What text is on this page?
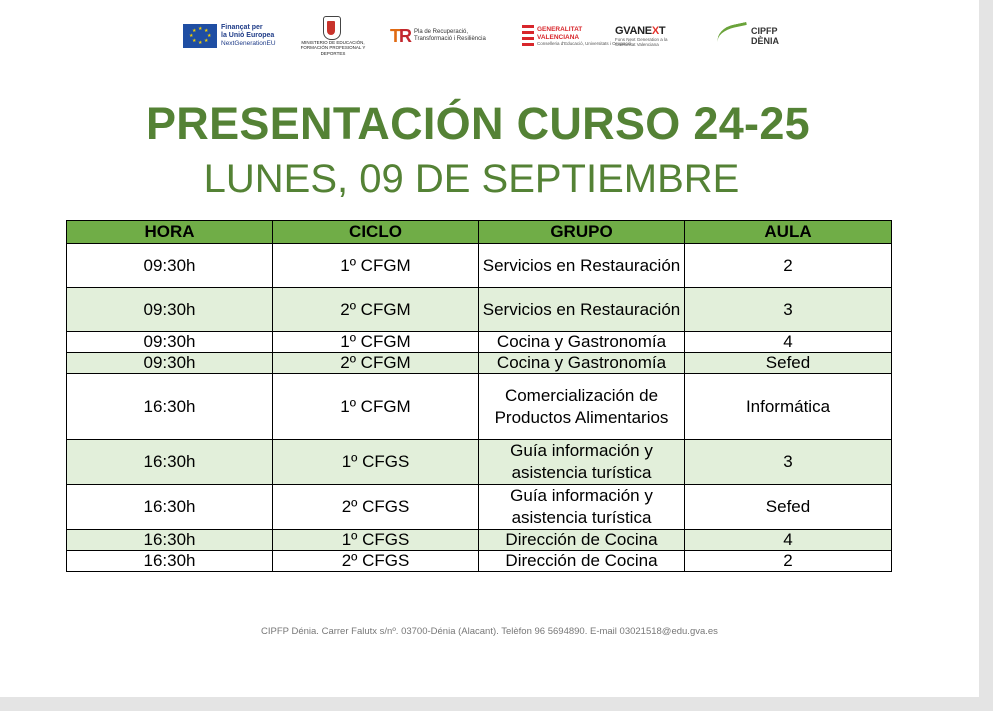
★ ★
★
★
★
★
★
★	Finançat per
la Unió Europea
NextGenerationEU	MINISTERIO DE EDUCACIÓN, FORMACIÓN PROFESIONAL Y DEPORTES
TR Pla de Recuperació,
Transformació i Resiliència
GENERALITAT
VALENCIANA
Conselleria d'Educació, Universitats i Ocupació
GVANEXT
Fons Next Generation a la Comunitat Valenciana
CIPFP
DÈNIA
PRESENTACIÓN CURSO 24-25
LUNES, 09 DE SEPTIEMBRE
HORA	CICLO	GRUPO	AULA
09:30h	1º CFGM	Servicios en Restauración	2
09:30h	2º CFGM	Servicios en Restauración	3
09:30h	1º CFGM	Cocina y Gastronomía	4
09:30h	2º CFGM	Cocina y Gastronomía	Sefed
16:30h	1º CFGM	Comercialización de Productos Alimentarios	Informática
16:30h	1º CFGS	Guía información y asistencia turística	3
16:30h	2º CFGS	Guía información y asistencia turística	Sefed
16:30h	1º CFGS	Dirección de Cocina	4
16:30h	2º CFGS	Dirección de Cocina	2
CIPFP Dénia. Carrer Falutx s/nº. 03700-Dénia (Alacant). Telèfon 96 5694890. E-mail 03021518@edu.gva.es
